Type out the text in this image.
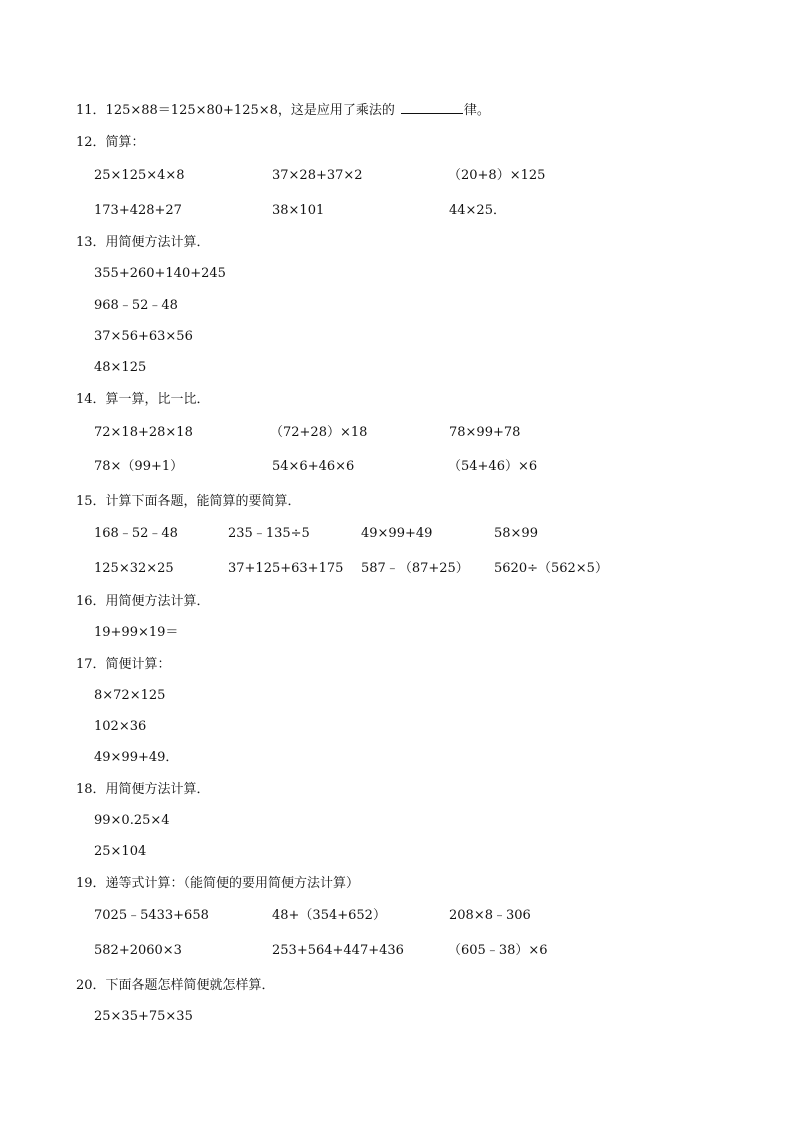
11．125×88＝125×80+125×8，这是应用了乘法的	律。
12．简算：
25×125×4×8	37×28+37×2	（20+8）×125
173+428+27	38×101	44×25．
13．用简便方法计算．
355+260+140+245
968﹣52﹣48
37×56+63×56
48×125
14．算一算，比一比．
72×18+28×18	（72+28）×18	78×99+78
78×（99+1）	54×6+46×6	（54+46）×6
15．计算下面各题，能简算的要简算．
168﹣52﹣48	235﹣135÷5	49×99+49	58×99
125×32×25	37+125+63+175 587﹣（87+25） 5620÷（562×5）
16．用简便方法计算．
19+99×19＝
17．简便计算：
8×72×125
102×36
49×99+49．
18．用简便方法计算．
99×0.25×4
25×104
19．递等式计算：（能简便的要用简便方法计算）
7025﹣5433+658	48+（354+652）	208×8﹣306
582+2060×3	253+564+447+436	（605﹣38）×6
20．下面各题怎样简便就怎样算．
25×35+75×35
